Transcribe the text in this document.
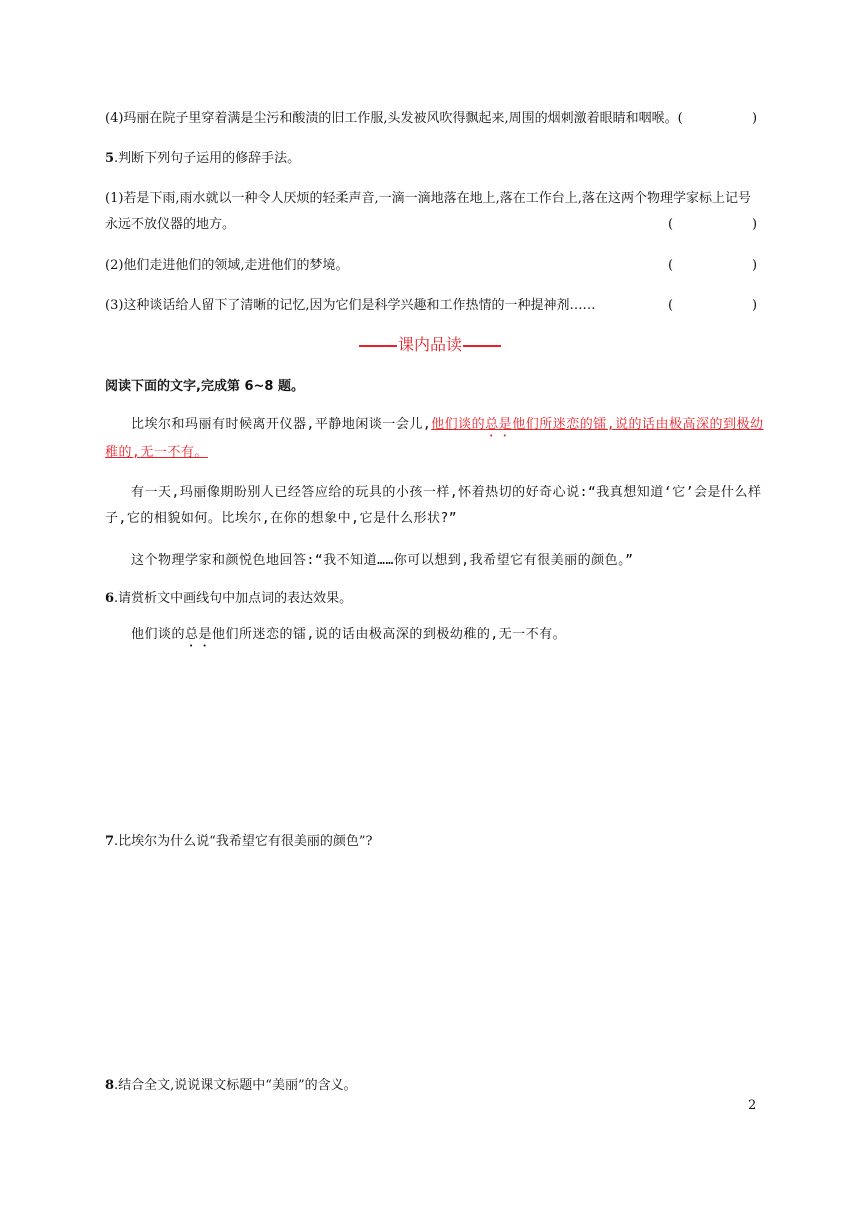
(4)玛丽在院子里穿着满是尘污和酸渍的旧工作服,头发被风吹得飘起来,周围的烟刺激着眼睛和咽喉。(	)
5.判断下列句子运用的修辞手法。
(1)若是下雨,雨水就以一种令人厌烦的轻柔声音,一滴一滴地落在地上,落在工作台上,落在这两个物理学家标上记号
永远不放仪器的地方。	(	)
(2)他们走进他们的领域,走进他们的梦境。	(	)
(3)这种谈话给人留下了清晰的记忆,因为它们是科学兴趣和工作热情的一种提神剂……	(	)
课内品读
阅读下面的文字,完成第 6~8 题。
比埃尔和玛丽有时候离开仪器,平静地闲谈一会儿,他们谈的总是他们所迷恋的镭,说的话由极高深的到极幼稚的,无一不有。
有一天,玛丽像期盼别人已经答应给的玩具的小孩一样,怀着热切的好奇心说:“我真想知道‘它’会是什么样子,它的相貌如何。比埃尔,在你的想象中,它是什么形状?”
这个物理学家和颜悦色地回答:“我不知道……你可以想到,我希望它有很美丽的颜色。”
6.请赏析文中画线句中加点词的表达效果。
他们谈的总是他们所迷恋的镭,说的话由极高深的到极幼稚的,无一不有。
7.比埃尔为什么说“我希望它有很美丽的颜色”?
8.结合全文,说说课文标题中“美丽”的含义。
2
